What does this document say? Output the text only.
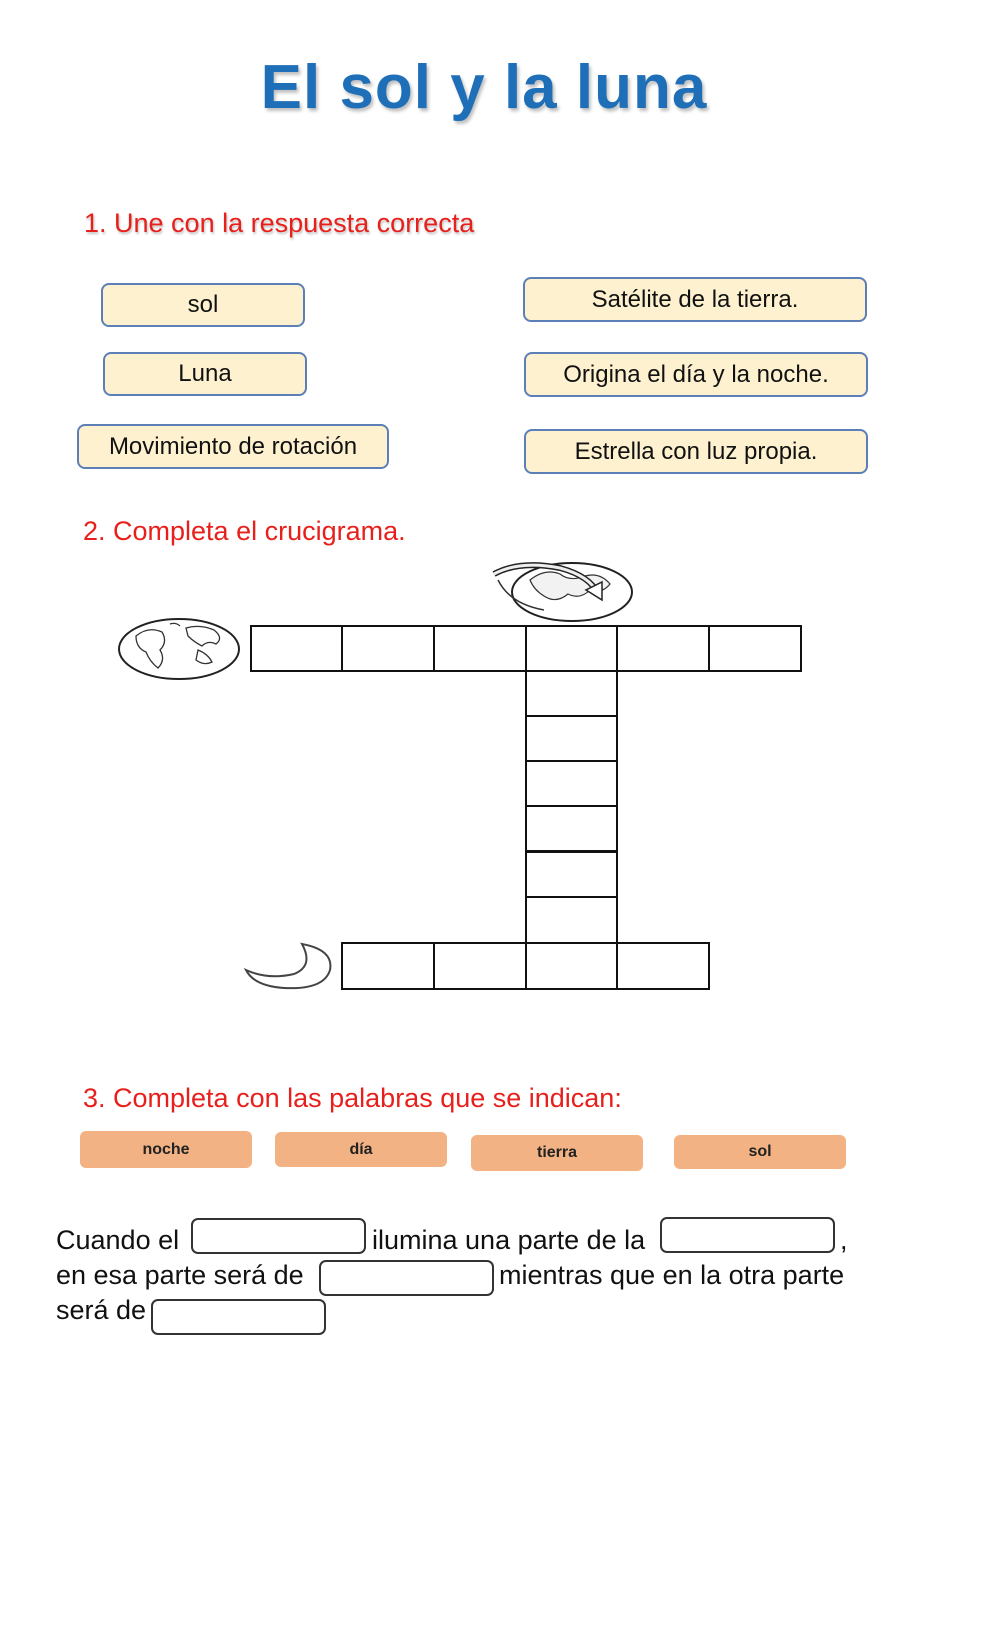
El sol y la luna
1. Une con la respuesta correcta
sol
Luna
Movimiento de rotación
Satélite de la tierra.
Origina el día y la noche.
Estrella con luz propia.
2. Completa el crucigrama.
3. Completa con las palabras que se indican:
noche	día	tierra	sol
Cuando el	ilumina una parte de la	,
en esa parte será de	mientras que en la otra parte
será de
